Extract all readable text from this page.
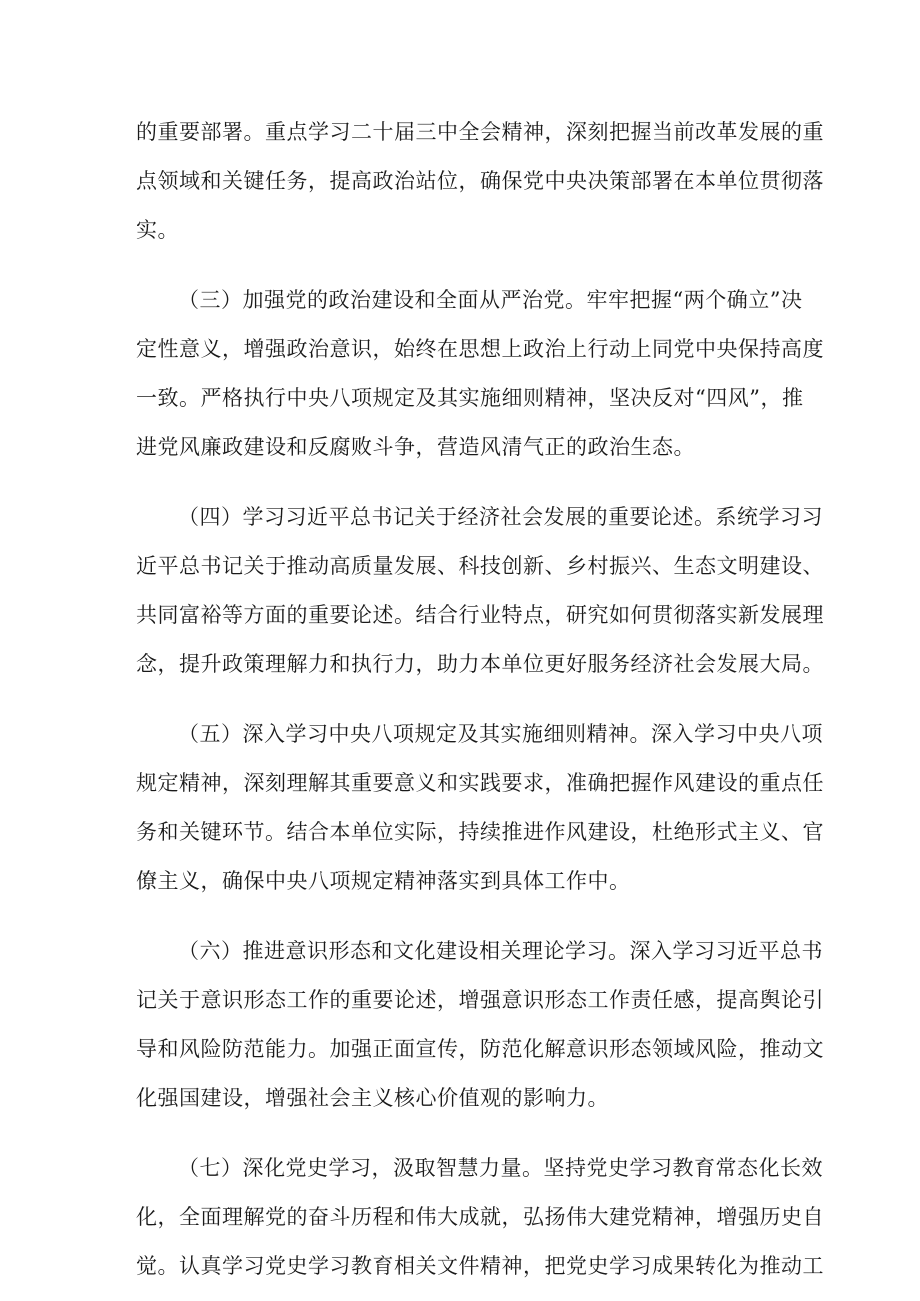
的重要部署。重点学习二十届三中全会精神，深刻把握当前改革发展的重
点领域和关键任务，提高政治站位，确保党中央决策部署在本单位贯彻落
实。
（三）加强党的政治建设和全面从严治党。牢牢把握“两个确立”决
定性意义，增强政治意识，始终在思想上政治上行动上同党中央保持高度
一致。严格执行中央八项规定及其实施细则精神，坚决反对“四风”，推
进党风廉政建设和反腐败斗争，营造风清气正的政治生态。
（四）学习习近平总书记关于经济社会发展的重要论述。系统学习习
近平总书记关于推动高质量发展、科技创新、乡村振兴、生态文明建设、
共同富裕等方面的重要论述。结合行业特点，研究如何贯彻落实新发展理
念，提升政策理解力和执行力，助力本单位更好服务经济社会发展大局。
（五）深入学习中央八项规定及其实施细则精神。深入学习中央八项
规定精神，深刻理解其重要意义和实践要求，准确把握作风建设的重点任
务和关键环节。结合本单位实际，持续推进作风建设，杜绝形式主义、官
僚主义，确保中央八项规定精神落实到具体工作中。
（六）推进意识形态和文化建设相关理论学习。深入学习习近平总书
记关于意识形态工作的重要论述，增强意识形态工作责任感，提高舆论引
导和风险防范能力。加强正面宣传，防范化解意识形态领域风险，推动文
化强国建设，增强社会主义核心价值观的影响力。
（七）深化党史学习，汲取智慧力量。坚持党史学习教育常态化长效
化，全面理解党的奋斗历程和伟大成就，弘扬伟大建党精神，增强历史自
觉。认真学习党史学习教育相关文件精神，把党史学习成果转化为推动工
